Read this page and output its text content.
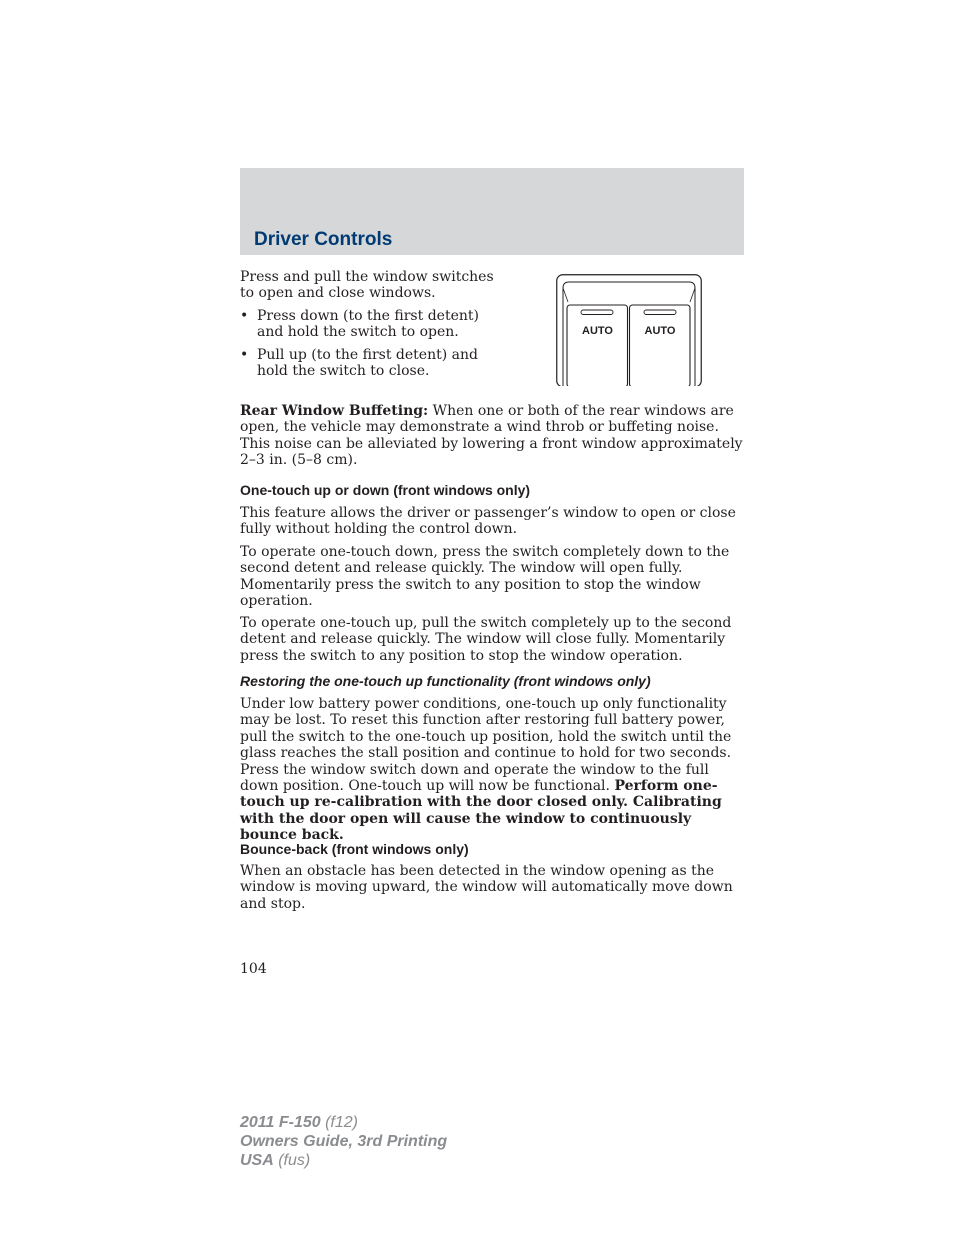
Driver Controls

Press and pull the window switches to open and close windows.

• Press down (to the first detent) and hold the switch to open.
• Pull up (to the first detent) and hold the switch to close.
AUTO	AUTO

Rear Window Buffeting: When one or both of the rear windows are open, the vehicle may demonstrate a wind throb or buffeting noise. This noise can be alleviated by lowering a front window approximately 2–3 in. (5–8 cm).

One-touch up or down (front windows only)

This feature allows the driver or passenger’s window to open or close fully without holding the control down.

To operate one-touch down, press the switch completely down to the second detent and release quickly. The window will open fully. Momentarily press the switch to any position to stop the window operation.

To operate one-touch up, pull the switch completely up to the second detent and release quickly. The window will close fully. Momentarily press the switch to any position to stop the window operation.

Restoring the one-touch up functionality (front windows only)

Under low battery power conditions, one-touch up only functionality may be lost. To reset this function after restoring full battery power, pull the switch to the one-touch up position, hold the switch until the glass reaches the stall position and continue to hold for two seconds. Press the window switch down and operate the window to the full down position. One-touch up will now be functional. Perform one-touch up re-calibration with the door closed only. Calibrating with the door open will cause the window to continuously bounce back.

Bounce-back (front windows only)

When an obstacle has been detected in the window opening as the window is moving upward, the window will automatically move down and stop.

104
2011 F-150 (f12)
Owners Guide, 3rd Printing
USA (fus)
